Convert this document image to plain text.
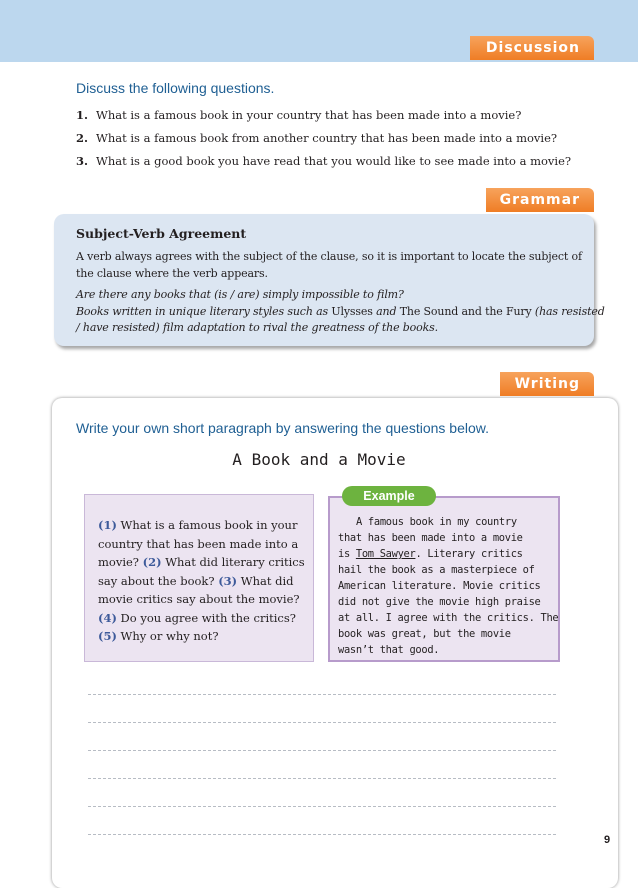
Discussion
Discuss the following questions.
1. What is a famous book in your country that has been made into a movie?
2. What is a famous book from another country that has been made into a movie?
3. What is a good book you have read that you would like to see made into a movie?
Grammar
Subject-Verb Agreement
A verb always agrees with the subject of the clause, so it is important to locate the subject of
the clause where the verb appears.
Are there any books that (is / are) simply impossible to film?
Books written in unique literary styles such as Ulysses and The Sound and the Fury (has resisted
/ have resisted) film adaptation to rival the greatness of the books.
Writing
Write your own short paragraph by answering the questions below.
A Book and a Movie
(1) What is a famous book in your country that has been made into a movie? (2) What did literary critics say about the book? (3) What did movie critics say about the movie?
(4) Do you agree with the critics?
(5) Why or why not?
Example
A famous book in my country
that has been made into a movie
is Tom Sawyer. Literary critics
hail the book as a masterpiece of
American literature. Movie critics
did not give the movie high praise
at all. I agree with the critics. The
book was great, but the movie
wasn’t that good.
9
